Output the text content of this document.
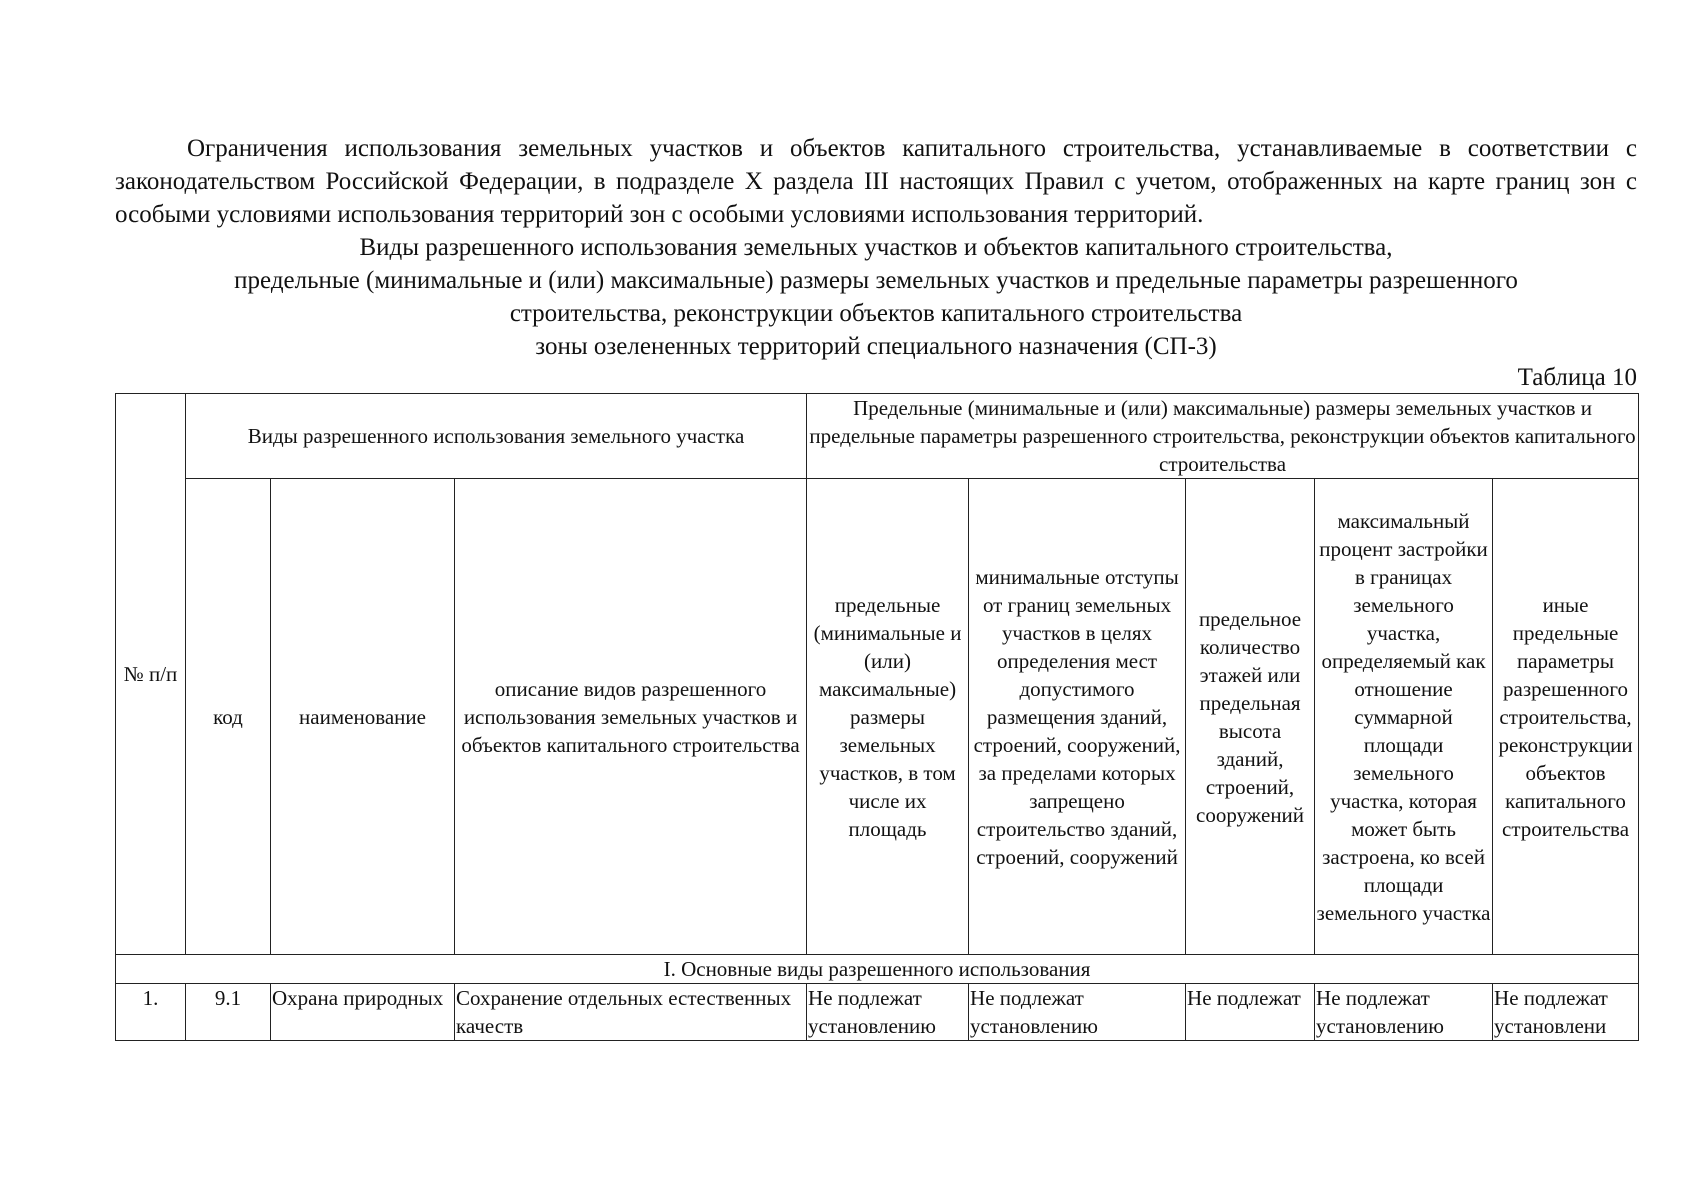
Ограничения использования земельных участков и объектов капитального строительства, устанавливаемые в соответствии с законодательством Российской Федерации, в подразделе X раздела III настоящих Правил с учетом, отображенных на карте границ зон с особыми условиями использования территорий зон с особыми условиями использования территорий.

Виды разрешенного использования земельных участков и объектов капитального строительства,

предельные (минимальные и (или) максимальные) размеры земельных участков и предельные параметры разрешенного

строительства, реконструкции объектов капитального строительства

зоны озелененных территорий специального назначения (СП-3)

Таблица 10

№ п/п	Виды разрешенного использования земельного участка			Предельные (минимальные и (или) максимальные) размеры земельных участков и предельные параметры разрешенного строительства, реконструкции объектов капитального строительства				
	код	наименование	описание видов разрешенного использования земельных участков и объектов капитального строительства	предельные (минимальные и (или) максимальные) размеры земельных участков, в том числе их площадь	минимальные отступы от границ земельных участков в целях определения мест допустимого размещения зданий, строений, сооружений, за пределами которых запрещено строительство зданий, строений, сооружений	предельное количество этажей или предельная высота зданий, строений, сооружений	максимальный процент застройки в границах земельного участка, определяемый как отношение суммарной площади земельного участка, которая может быть застроена, ко всей площади земельного участка	иные предельные параметры разрешенного строительства, реконструкции объектов капитального строительства
I. Основные виды разрешенного использования								

1.	9.1	Охрана природных	Сохранение отдельных естественных качеств	Не подлежат установлению	Не подлежат установлению	Не подлежат	Не подлежат установлению	Не подлежат установлени
